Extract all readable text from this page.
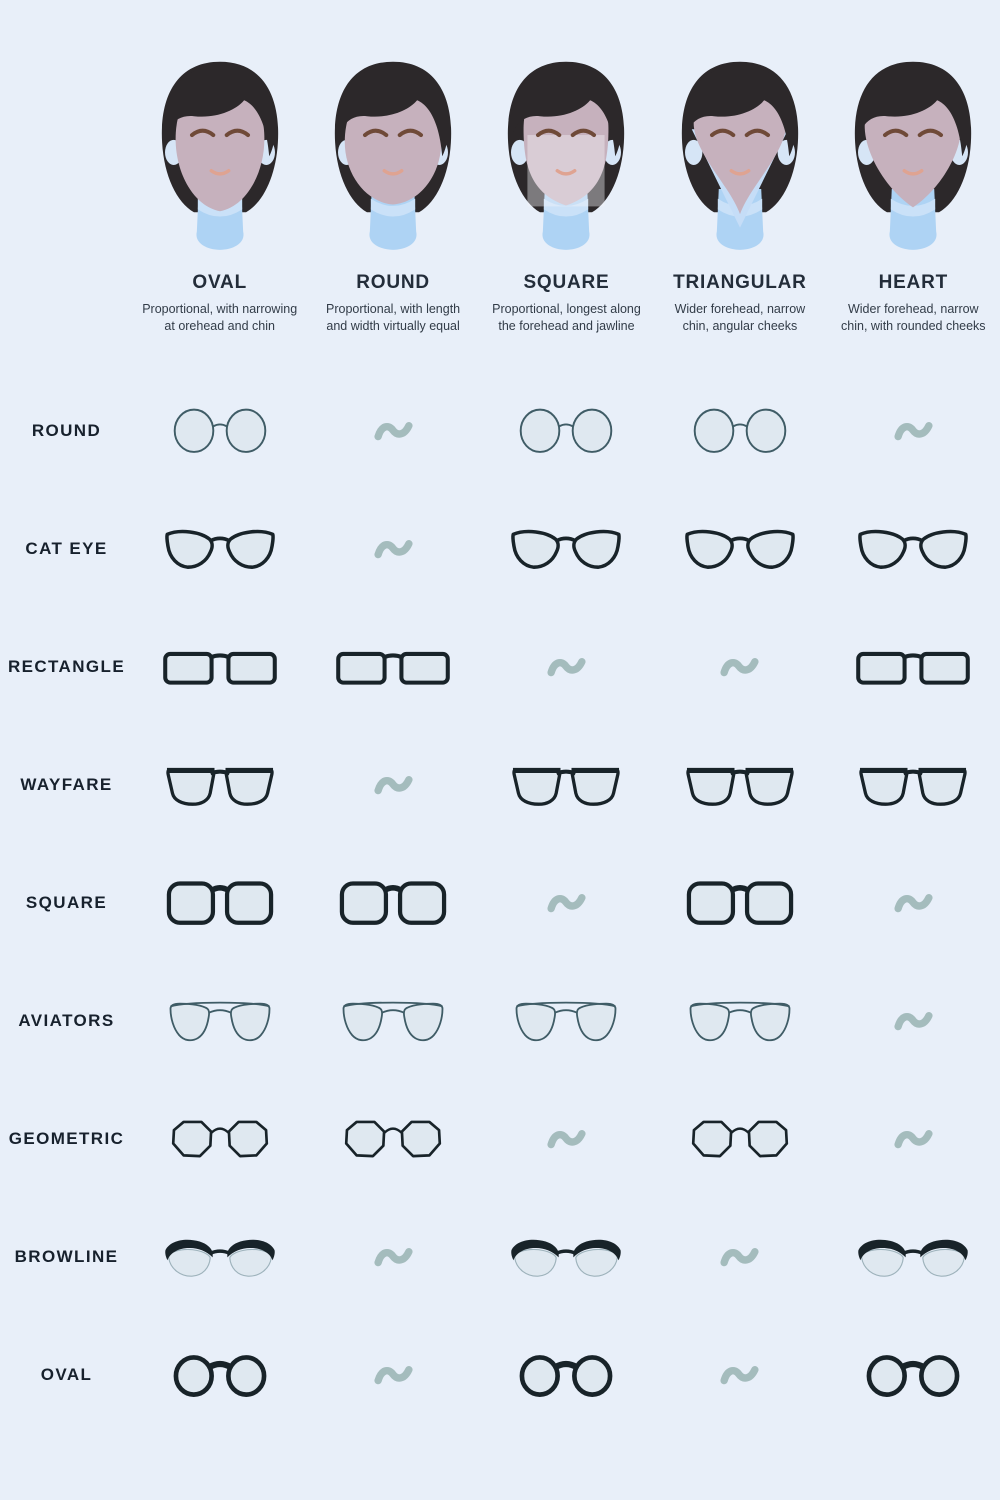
OVAL
Proportional, with narrowing at orehead and chin
ROUND
Proportional, with length and width virtually equal
SQUARE
Proportional, longest along the forehead and jawline
TRIANGULAR
Wider forehead, narrow chin, angular cheeks
HEART
Wider forehead, narrow chin, with rounded cheeks
ROUND
CAT EYE
RECTANGLE
WAYFARE
SQUARE
AVIATORS
GEOMETRIC
BROWLINE
OVAL
